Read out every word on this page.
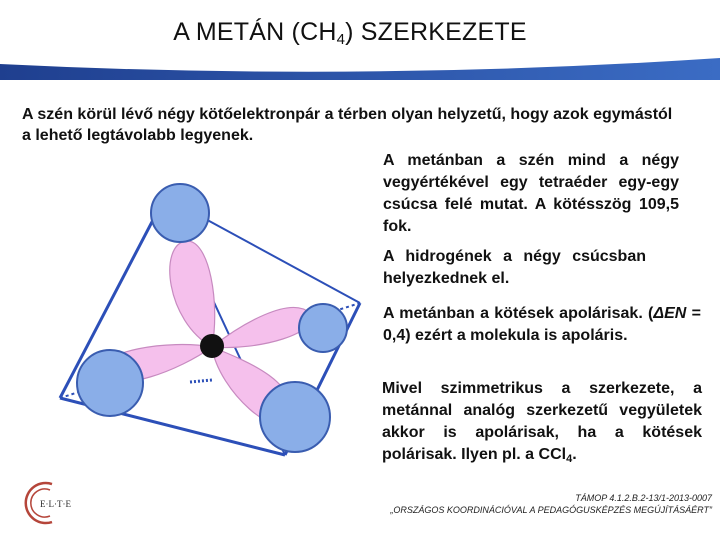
A METÁN $(CH_4)$ SZERKEZETE

A szén körül lévő négy kötőelektronpár a térben olyan helyzetű, hogy azok egymástól a lehető legtávolabb legyenek.

A metánban a szén mind a négy vegyértékével egy tetraéder egy-egy csúcsa felé mutat. A kötésszög 109,5 fok.

A hidrogének a négy csúcsban helyezkednek el.

A metánban a kötések apolárisak. (ΔEN = 0,4) ezért a molekula is apoláris.

Mivel szimmetrikus a szerkezete, a metánnal analóg szerkezetű vegyületek akkor is apolárisak, ha a kötések polárisak. Ilyen pl. a CCl$_4$.

E·L·T·E
TÁMOP 4.1.2.B.2-13/1-2013-0007
„ORSZÁGOS KOORDINÁCIÓVAL A PEDAGÓGUSKÉPZÉS MEGÚJÍTÁSÁÉRT”
